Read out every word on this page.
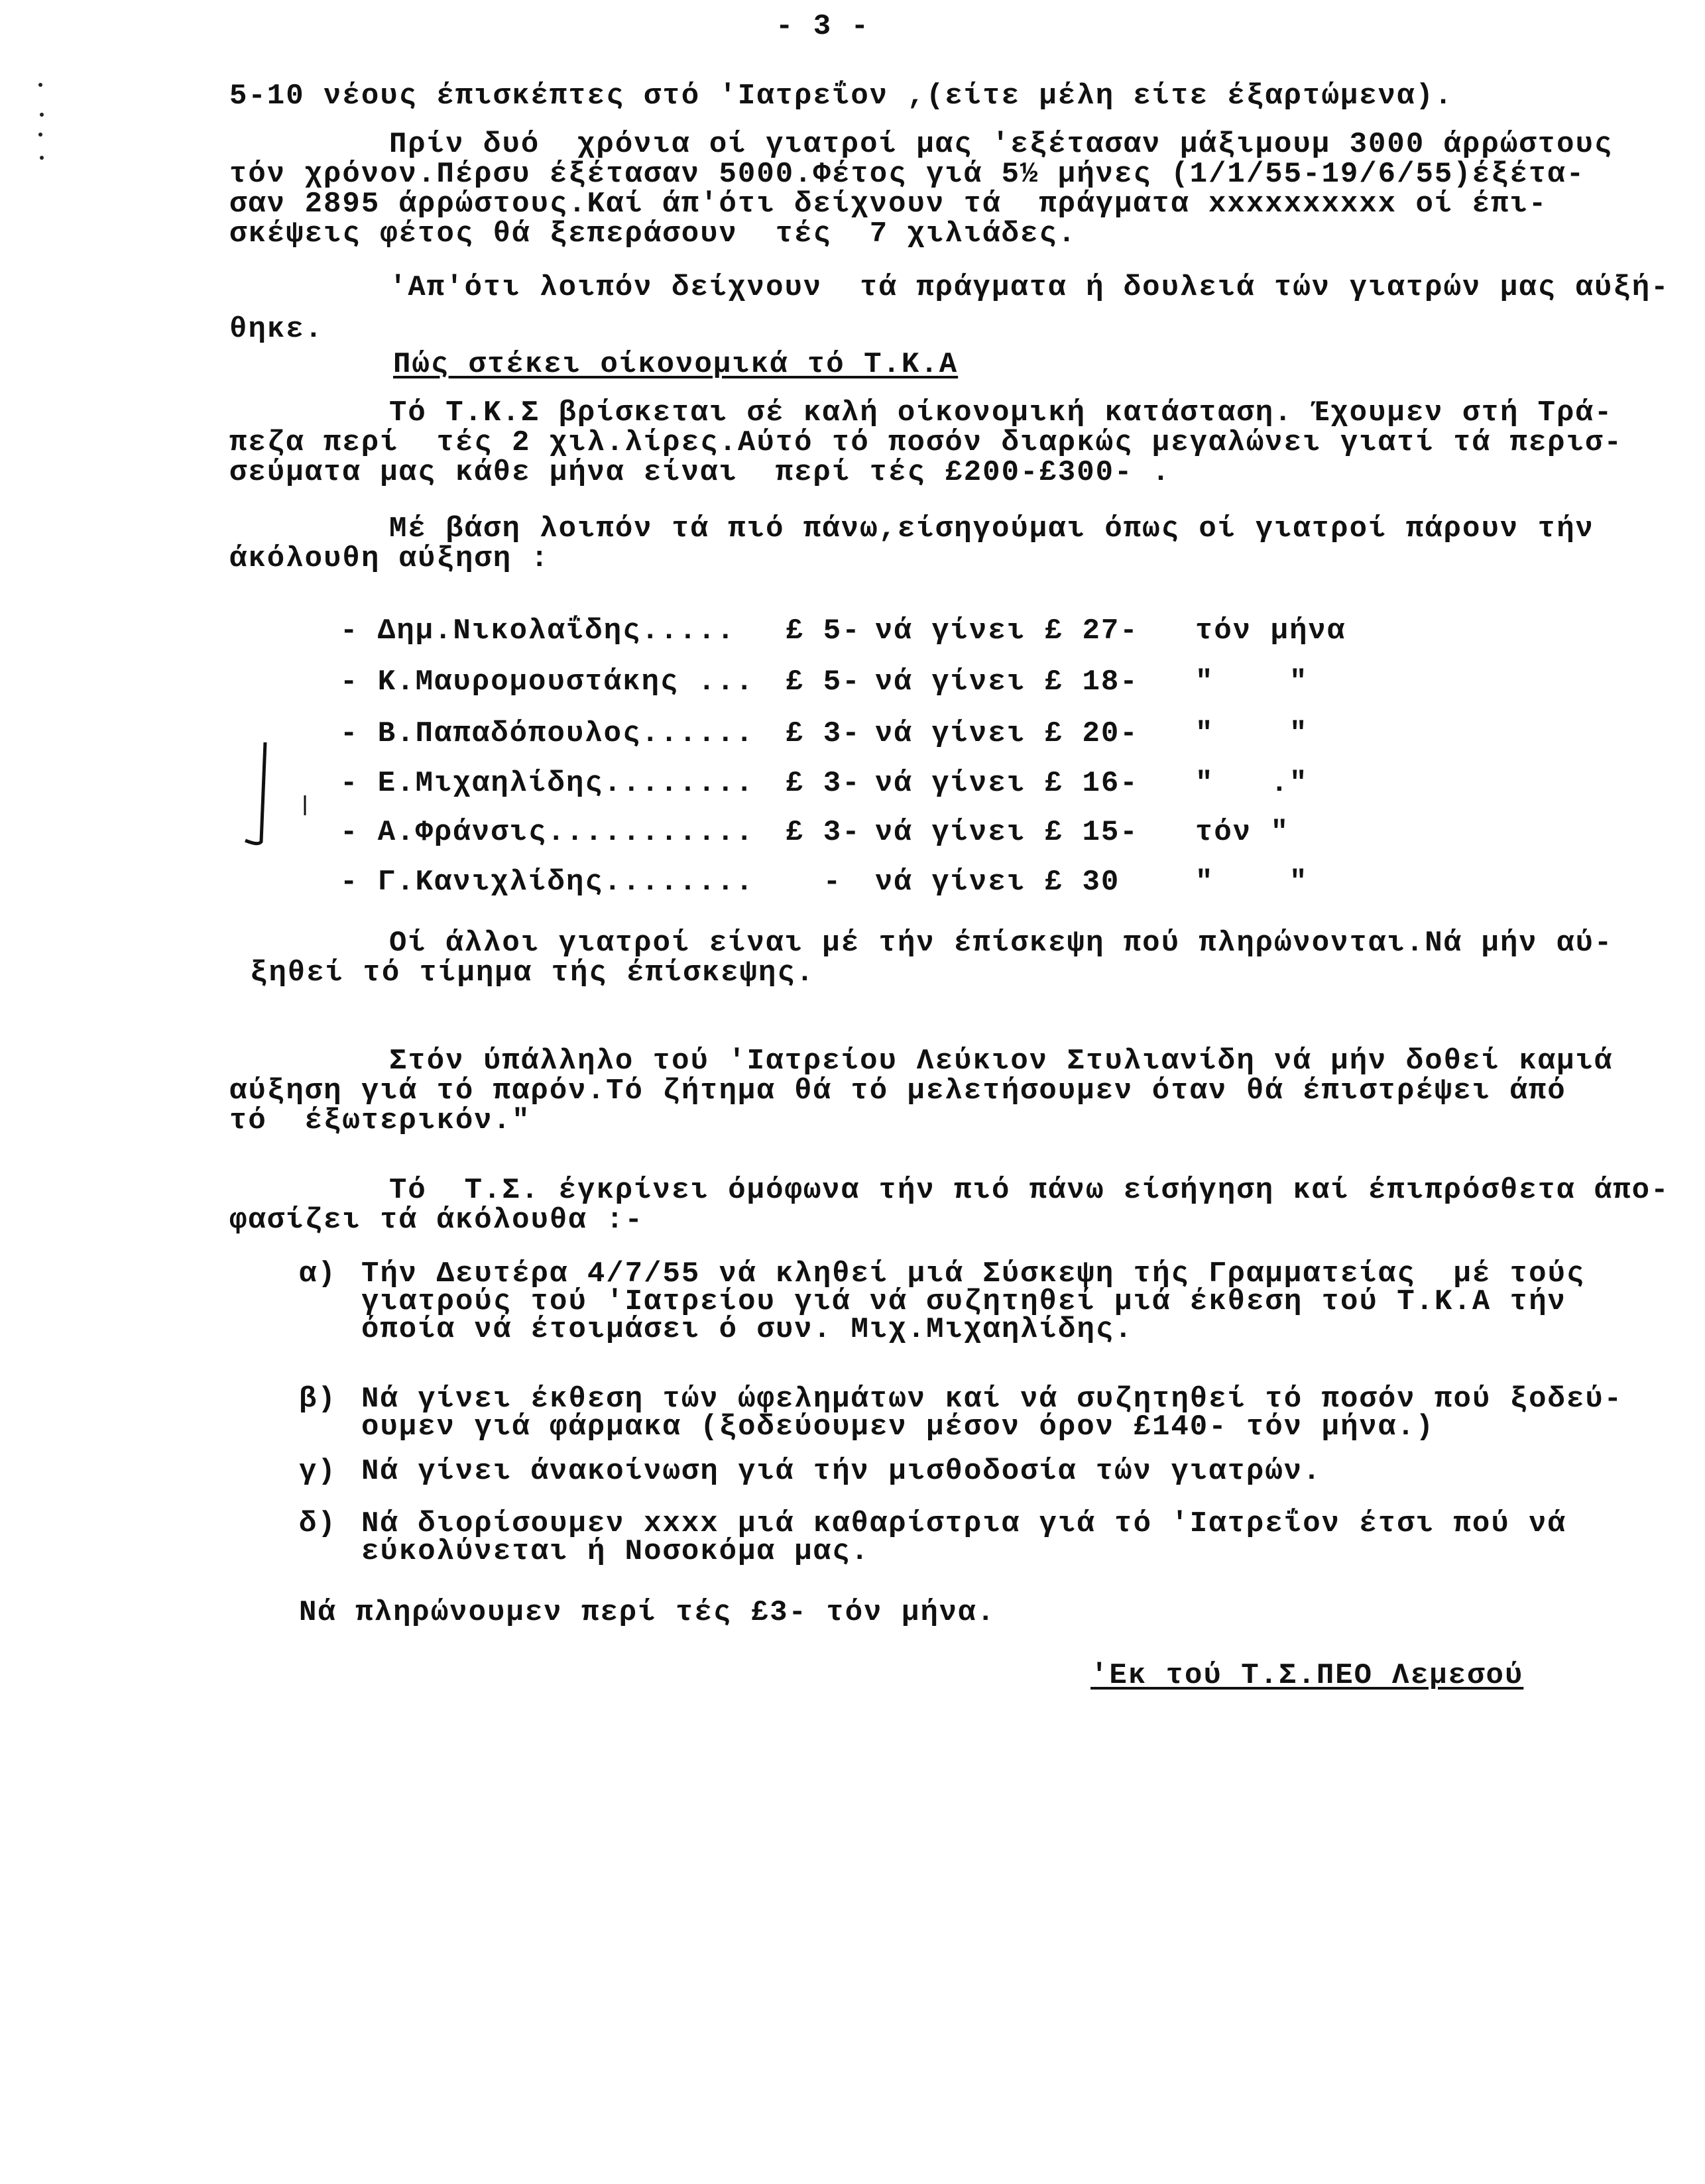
- 3 -
5-10 νέους έπισκέπτες στό 'Ιατρεΐον ,(είτε μέλη είτε έξαρτώμενα).
Πρίν δυό  χρόνια οί γιατροί μας 'εξέτασαν μάξιμουμ 3000 άρρώστους
τόν χρόνον.Πέρσυ έξέτασαν 5000.Φέτος γιά 5½ μήνες (1/1/55-19/6/55)έξέτα-
σαν 2895 άρρώστους.Καί άπ'ότι δείχνουν τά  πράγματα xxxxxxxxxx οί έπι-
σκέψεις φέτος θά ξεπεράσουν  τές  7 χιλιάδες.
'Απ'ότι λοιπόν δείχνουν  τά πράγματα ή δουλειά τών γιατρών μας αύξή-
θηκε.
Πώς στέκει οίκονομικά τό Τ.Κ.Α
Τό Τ.Κ.Σ βρίσκεται σέ καλή οίκονομική κατάσταση. Έχουμεν στή Τρά-
πεζα περί  τές 2 χιλ.λίρες.Αύτό τό ποσόν διαρκώς μεγαλώνει γιατί τά περισ-
σεύματα μας κάθε μήνα είναι  περί τές £200-£300- .
Μέ βάση λοιπόν τά πιό πάνω,είσηγούμαι όπως οί γιατροί πάρουν τήν
άκόλουθη αύξηση :
- Δημ.Νικολαΐδης..... £ 5- νά γίνει £ 27- τόν μήνα
- Κ.Μαυρομουστάκης ... £ 5- νά γίνει £ 18- "    "
- Β.Παπαδόπουλος...... £ 3- νά γίνει £ 20- "    "
- Ε.Μιχαηλίδης........ £ 3- νά γίνει £ 16- "   ."
- Α.Φράνσις........... £ 3- νά γίνει £ 15- τόν "
- Γ.Κανιχλίδης........ - νά γίνει £ 30	"    "
Οί άλλοι γιατροί είναι μέ τήν έπίσκεψη πού πληρώνονται.Νά μήν αύ-
ξηθεί τό τίμημα τής έπίσκεψης.
Στόν ύπάλληλο τού 'Ιατρείου Λεύκιον Στυλιανίδη νά μήν δοθεί καμιά
αύξηση γιά τό παρόν.Τό ζήτημα θά τό μελετήσουμεν όταν θά έπιστρέψει άπό
τό  έξωτερικόν."
Τό  Τ.Σ. έγκρίνει όμόφωνα τήν πιό πάνω είσήγηση καί έπιπρόσθετα άπο-
φασίζει τά άκόλουθα :-
α) Τήν Δευτέρα 4/7/55 νά κληθεί μιά Σύσκεψη τής Γραμματείας  μέ τούς
γιατρούς τού 'Ιατρείου γιά νά συζητηθεί μιά έκθεση τού Τ.Κ.Α τήν
όποία νά έτοιμάσει ό συν. Μιχ.Μιχαηλίδης.
β) Νά γίνει έκθεση τών ώφελημάτων καί νά συζητηθεί τό ποσόν πού ξοδεύ-
ουμεν γιά φάρμακα (ξοδεύουμεν μέσον όρον £140- τόν μήνα.)
γ) Νά γίνει άνακοίνωση γιά τήν μισθοδοσία τών γιατρών.
δ) Νά διορίσουμεν xxxx μιά καθαρίστρια γιά τό 'Ιατρεΐον έτσι πού νά
εύκολύνεται ή Νοσοκόμα μας.
Νά πληρώνουμεν περί τές £3- τόν μήνα.
'Εκ τού Τ.Σ.ΠΕΟ Λεμεσού
